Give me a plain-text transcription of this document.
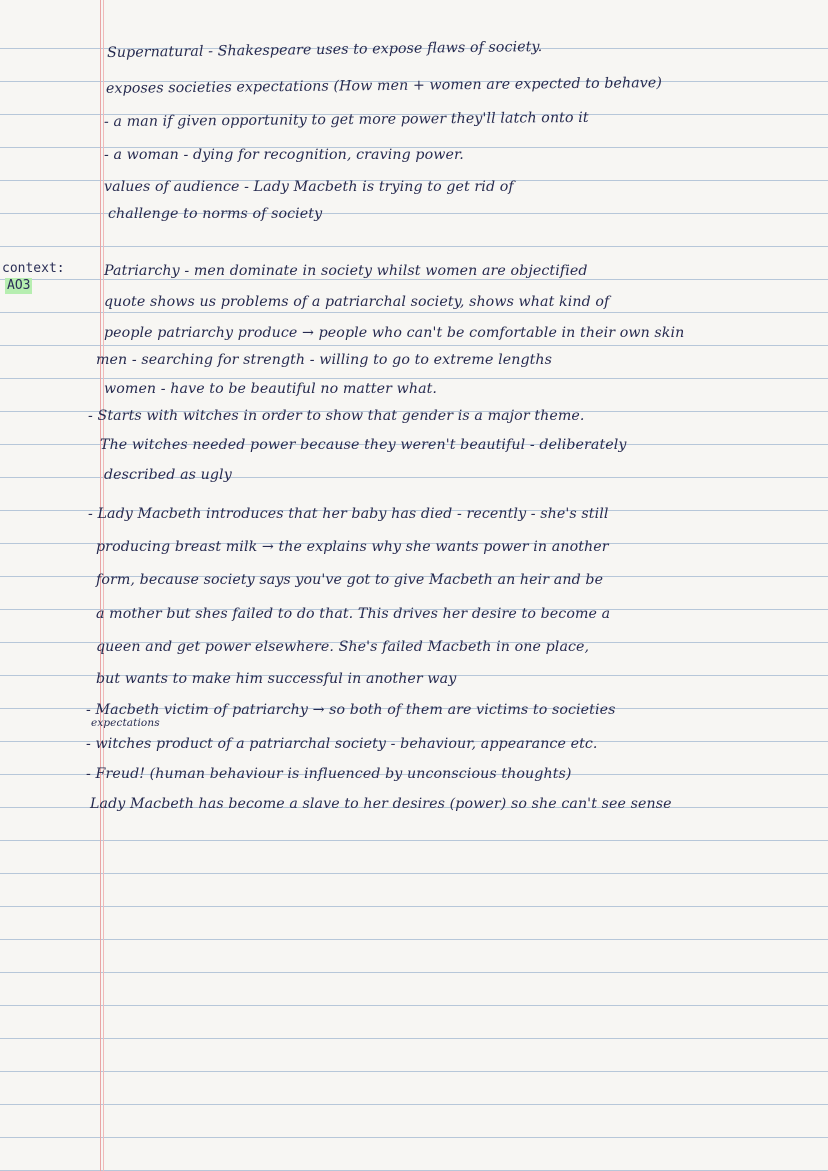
context:
AO3
Supernatural - Shakespeare uses to expose flaws of society.
exposes societies expectations (How men + women are expected to behave)
- a man if given opportunity to get more power they'll latch onto it
- a woman - dying for recognition, craving power.
values of audience - Lady Macbeth is trying to get rid of
challenge to norms of society
Patriarchy - men dominate in society whilst women are objectified
quote shows us problems of a patriarchal society, shows what kind of
people patriarchy produce → people who can't be comfortable in their own skin
men - searching for strength - willing to go to extreme lengths
women - have to be beautiful no matter what.
- Starts with witches in order to show that gender is a major theme.
The witches needed power because they weren't beautiful - deliberately
described as ugly
- Lady Macbeth introduces that her baby has died - recently - she's still
producing breast milk → the explains why she wants power in another
form, because society says you've got to give Macbeth an heir and be
a mother but shes failed to do that. This drives her desire to become a
queen and get power elsewhere. She's failed Macbeth in one place,
but wants to make him successful in another way
- Macbeth victim of patriarchy → so both of them are victims to societies
expectations
- witches product of a patriarchal society - behaviour, appearance etc.
- Freud! (human behaviour is influenced by unconscious thoughts)
Lady Macbeth has become a slave to her desires (power) so she can't see sense
